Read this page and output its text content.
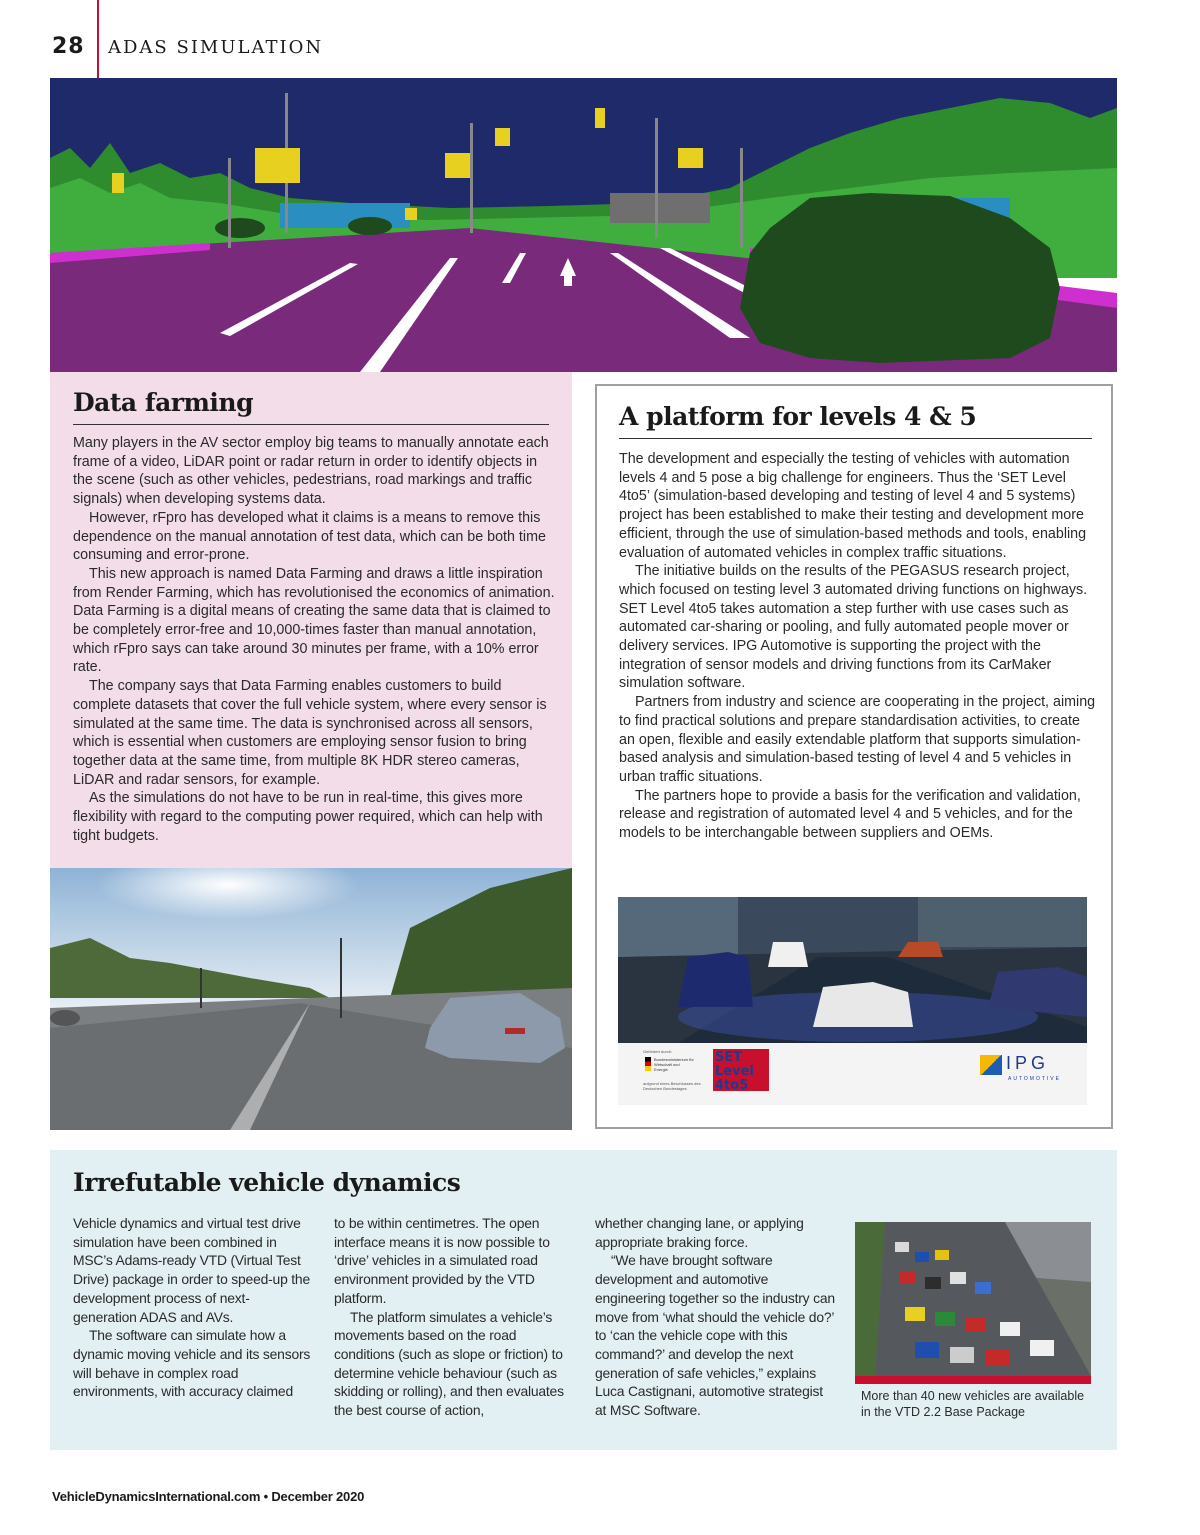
28 ADAS SIMULATION
Data farming

Many players in the AV sector employ big teams to manually annotate each frame of a video, LiDAR point or radar return in order to identify objects in the scene (such as other vehicles, pedestrians, road markings and traffic signals) when developing systems data.

However, rFpro has developed what it claims is a means to remove this dependence on the manual annotation of test data, which can be both time consuming and error-prone.

This new approach is named Data Farming and draws a little inspiration from Render Farming, which has revolutionised the economics of animation. Data Farming is a digital means of creating the same data that is claimed to be completely error-free and 10,000-times faster than manual annotation, which rFpro says can take around 30 minutes per frame, with a 10% error rate.

The company says that Data Farming enables customers to build complete datasets that cover the full vehicle system, where every sensor is simulated at the same time. The data is synchronised across all sensors, which is essential when customers are employing sensor fusion to bring together data at the same time, from multiple 8K HDR stereo cameras, LiDAR and radar sensors, for example.

As the simulations do not have to be run in real-time, this gives more flexibility with regard to the computing power required, which can help with tight budgets.

A platform for levels 4 & 5

The development and especially the testing of vehicles with automation levels 4 and 5 pose a big challenge for engineers. Thus the ‘SET Level 4to5’ (simulation-based developing and testing of level 4 and 5 systems) project has been established to make their testing and development more efficient, through the use of simulation-based methods and tools, enabling evaluation of automated vehicles in complex traffic situations.

The initiative builds on the results of the PEGASUS research project, which focused on testing level 3 automated driving functions on highways. SET Level 4to5 takes automation a step further with use cases such as automated car-sharing or pooling, and fully automated people mover or delivery services. IPG Automotive is supporting the project with the integration of sensor models and driving functions from its CarMaker simulation software.

Partners from industry and science are cooperating in the project, aiming to find practical solutions and prepare standardisation activities, to create an open, flexible and easily extendable platform that supports simulation-based analysis and simulation-based testing of level 4 and 5 vehicles in urban traffic situations.

The partners hope to provide a basis for the verification and validation, release and registration of automated level 4 and 5 vehicles, and for the models to be interchangable between suppliers and OEMs.

Gefördert durch:
Bundesministerium für Wirtschaft und Energie
aufgrund eines Beschlusses des Deutschen Bundestages
SET Level 4to5
IPG
AUTOMOTIVE
Irrefutable vehicle dynamics

Vehicle dynamics and virtual test drive simulation have been combined in MSC’s Adams-ready VTD (Virtual Test Drive) package in order to speed-up the development process of next-generation ADAS and AVs.

The software can simulate how a dynamic moving vehicle and its sensors will behave in complex road environments, with accuracy claimed

to be within centimetres. The open interface means it is now possible to ‘drive’ vehicles in a simulated road environment provided by the VTD platform.

The platform simulates a vehicle’s movements based on the road conditions (such as slope or friction) to determine vehicle behaviour (such as skidding or rolling), and then evaluates the best course of action,

whether changing lane, or applying appropriate braking force.

“We have brought software development and automotive engineering together so the industry can move from ‘what should the vehicle do?’ to ‘can the vehicle cope with this command?’ and develop the next generation of safe vehicles,” explains Luca Castignani, automotive strategist at MSC Software.

More than 40 new vehicles are available in the VTD 2.2 Base Package
VehicleDynamicsInternational.com • December 2020
